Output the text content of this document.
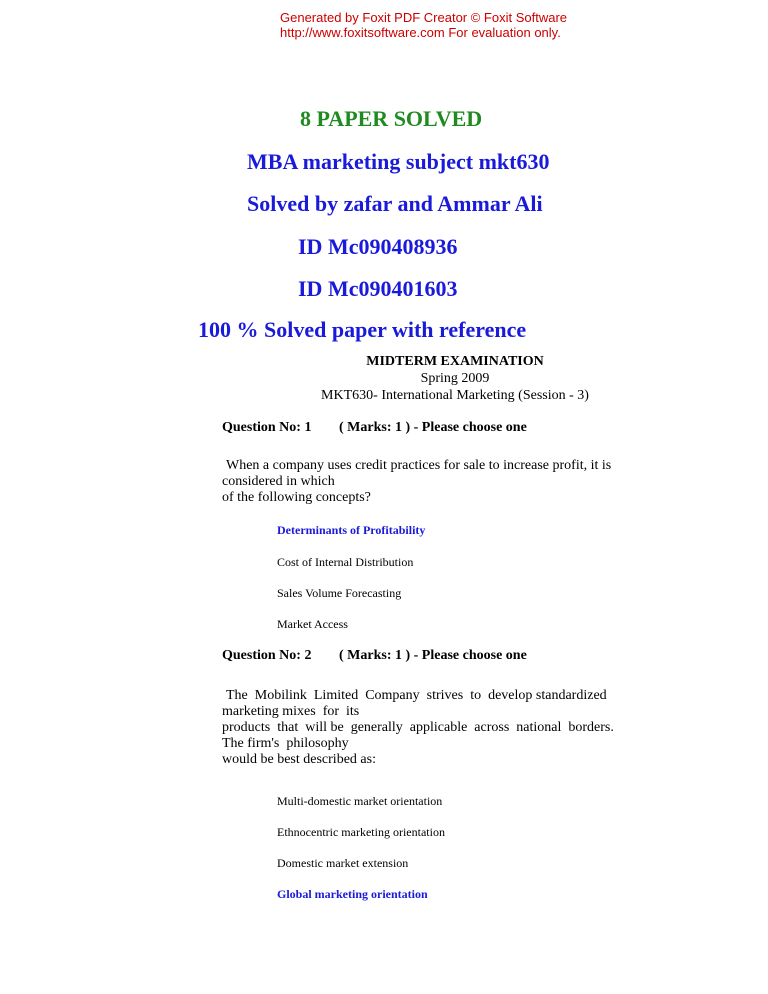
Generated by Foxit PDF Creator © Foxit Software
http://www.foxitsoftware.com For evaluation only.
8 PAPER SOLVED
MBA marketing subject mkt630
Solved by zafar and Ammar Ali
ID Mc090408936
ID Mc090401603
100 % Solved paper with reference
MIDTERM EXAMINATION
Spring 2009
MKT630- International Marketing (Session - 3)
Question No: 1 ( Marks: 1 ) - Please choose one
When a company uses credit practices for sale to increase profit, it is
considered in which
of the following concepts?
Determinants of Profitability
Cost of Internal Distribution
Sales Volume Forecasting
Market Access
Question No: 2 ( Marks: 1 ) - Please choose one
The  Mobilink  Limited  Company  strives  to  develop standardized
marketing mixes  for  its
products  that  will be  generally  applicable  across  national  borders.
The firm's  philosophy
would be best described as:
Multi-domestic market orientation
Ethnocentric marketing orientation
Domestic market extension
Global marketing orientation
